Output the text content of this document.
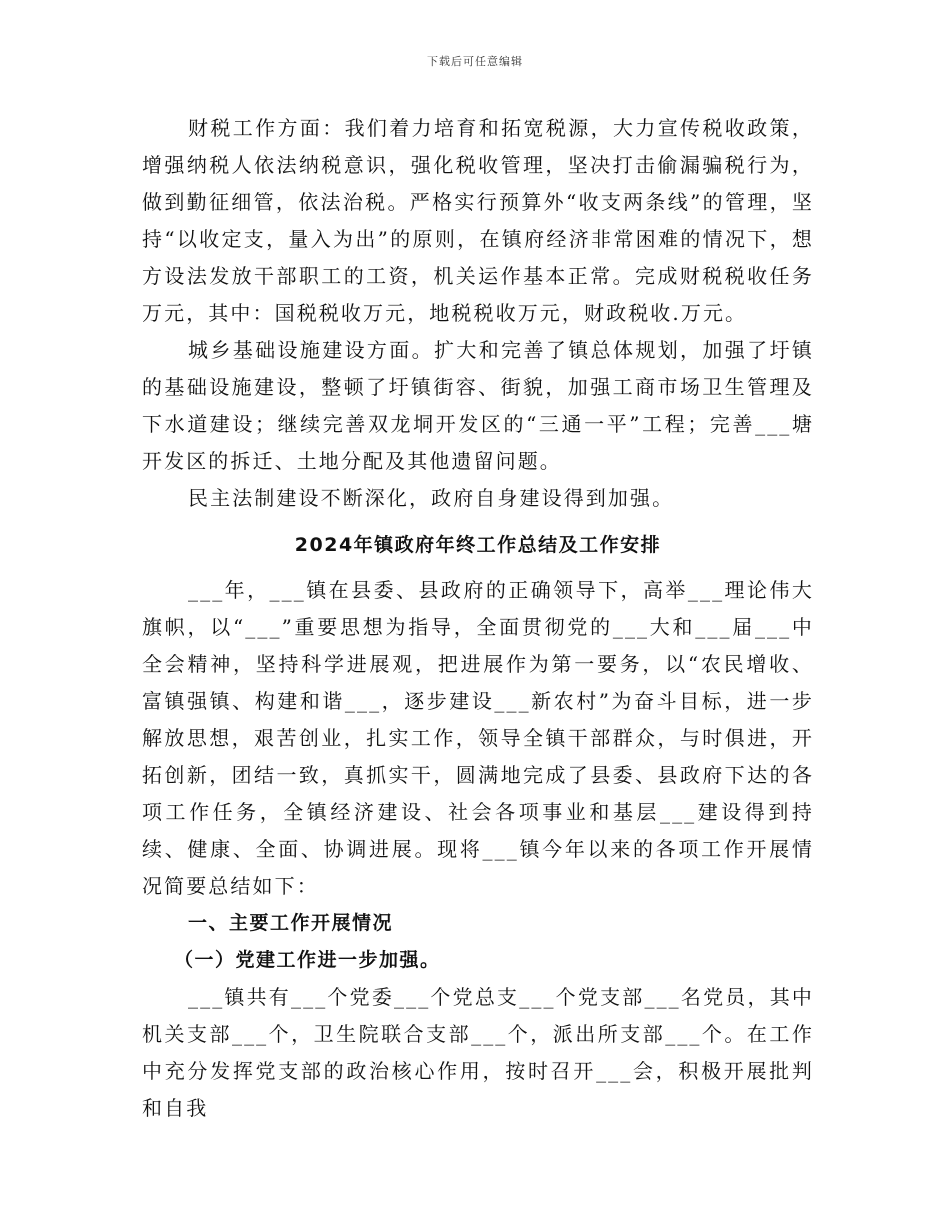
下载后可任意编辑

财税工作方面：我们着力培育和拓宽税源，大力宣传税收政策，增强纳税人依法纳税意识，强化税收管理，坚决打击偷漏骗税行为，做到勤征细管，依法治税。严格实行预算外“收支两条线”的管理，坚持“以收定支，量入为出”的原则，在镇府经济非常困难的情况下，想方设法发放干部职工的工资，机关运作基本正常。完成财税税收任务万元，其中：国税税收万元，地税税收万元，财政税收.万元。

城乡基础设施建设方面。扩大和完善了镇总体规划，加强了圩镇的基础设施建设，整顿了圩镇街容、街貌，加强工商市场卫生管理及下水道建设；继续完善双龙垌开发区的“三通一平”工程；完善___塘开发区的拆迁、土地分配及其他遗留问题。

民主法制建设不断深化，政府自身建设得到加强。

2024年镇政府年终工作总结及工作安排

___年，___镇在县委、县政府的正确领导下，高举___理论伟大旗帜，以“___”重要思想为指导，全面贯彻党的___大和___届___中全会精神，坚持科学进展观，把进展作为第一要务，以“农民增收、富镇强镇、构建和谐___，逐步建设___新农村”为奋斗目标，进一步解放思想，艰苦创业，扎实工作，领导全镇干部群众，与时俱进，开拓创新，团结一致，真抓实干，圆满地完成了县委、县政府下达的各项工作任务，全镇经济建设、社会各项事业和基层___建设得到持续、健康、全面、协调进展。现将___镇今年以来的各项工作开展情况简要总结如下：

一、主要工作开展情况
（一）党建工作进一步加强。

___镇共有___个党委___个党总支___个党支部___名党员，其中机关支部___个，卫生院联合支部___个，派出所支部___个。在工作中充分发挥党支部的政治核心作用，按时召开___会，积极开展批判和自我
